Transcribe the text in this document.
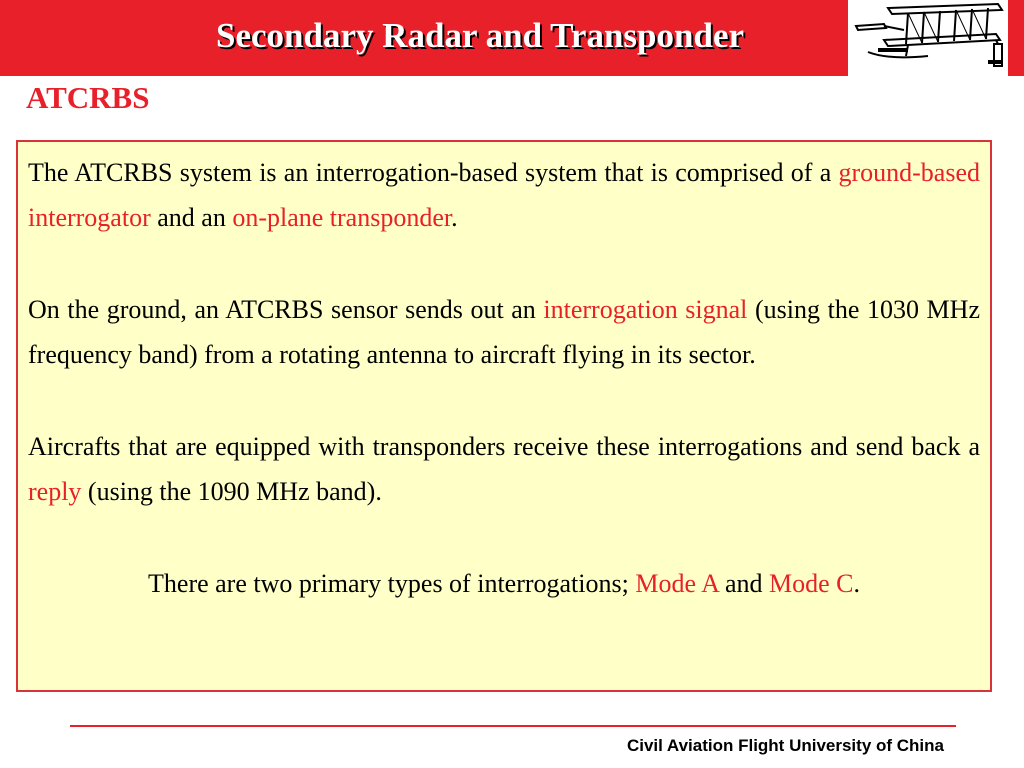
Secondary Radar and Transponder
ATCRBS

The ATCRBS system is an interrogation-based system that is comprised of a ground-based interrogator and an on-plane transponder.

On the ground, an ATCRBS sensor sends out an interrogation signal (using the 1030 MHz frequency band) from a rotating antenna to aircraft flying in its sector.

Aircrafts that are equipped with transponders receive these interrogations and send back a reply (using the 1090 MHz band).

There are two primary types of interrogations; Mode A and Mode C.

Civil Aviation Flight University of China
